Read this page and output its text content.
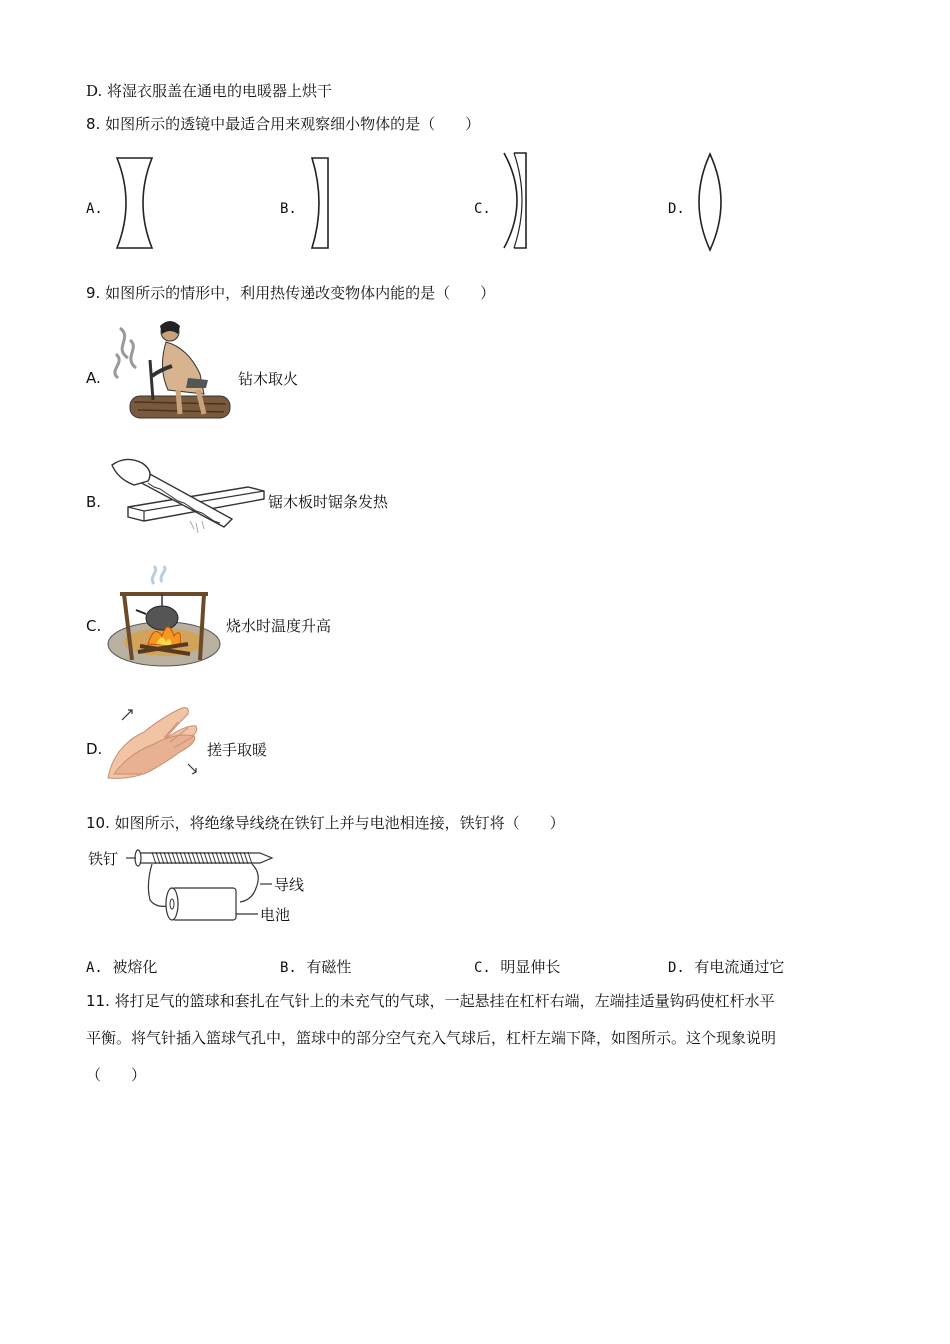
D. 将湿衣服盖在通电的电暖器上烘干
8. 如图所示的透镜中最适合用来观察细小物体的是（　　）
A.	B.	C.	D.
9. 如图所示的情形中，利用热传递改变物体内能的是（　　）
A.	钻木取火
B.	锯木板时锯条发热
C.	烧水时温度升高
D.	搓手取暖
10. 如图所示，将绝缘导线绕在铁钉上并与电池相连接，铁钉将（　　）
铁钉
导线
电池
A. 被熔化	B. 有磁性	C. 明显伸长	D. 有电流通过它
11. 将打足气的篮球和套扎在气针上的未充气的气球，一起悬挂在杠杆右端，左端挂适量钩码使杠杆水平
平衡。将气针插入篮球气孔中，篮球中的部分空气充入气球后，杠杆左端下降，如图所示。这个现象说明
（　　）
